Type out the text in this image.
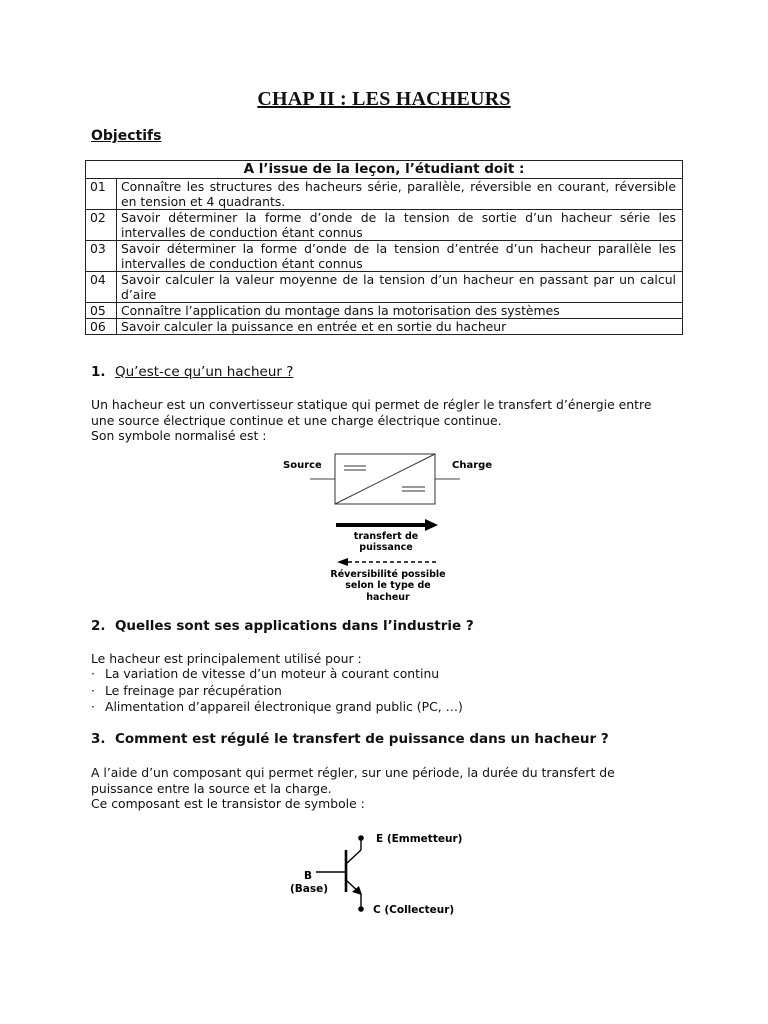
CHAP II : LES HACHEURS
Objectifs
A l’issue de la leçon, l’étudiant doit :	
01	Connaître les structures des hacheurs série, parallèle, réversible en courant, réversible en tension et 4 quadrants.
02	Savoir déterminer la forme d’onde de la tension de sortie d’un hacheur série les intervalles de conduction étant connus
03	Savoir déterminer la forme d’onde de la tension d’entrée d’un hacheur parallèle les intervalles de conduction étant connus
04	Savoir calculer la valeur moyenne de la tension d’un hacheur en passant par un calcul d’aire
05	Connaître l’application du montage dans la motorisation des systèmes
06	Savoir calculer la puissance en entrée et en sortie du hacheur
1. Qu’est-ce qu’un hacheur ?
Un hacheur est un convertisseur statique qui permet de régler le transfert d’énergie entre
une source électrique continue et une charge électrique continue.
Son symbole normalisé est :
Source	Charge
transfert de
puissance
Réversibilité possible
selon le type de
hacheur
2. Quelles sont ses applications dans l’industrie ?
Le hacheur est principalement utilisé pour :
· La variation de vitesse d’un moteur à courant continu
· Le freinage par récupération
· Alimentation d’appareil électronique grand public (PC, …)
3. Comment est régulé le transfert de puissance dans un hacheur ?
A l’aide d’un composant qui permet régler, sur une période, la durée du transfert de
puissance entre la source et la charge.
Ce composant est le transistor de symbole :
E (Emmetteur)
B
(Base)
C (Collecteur)
